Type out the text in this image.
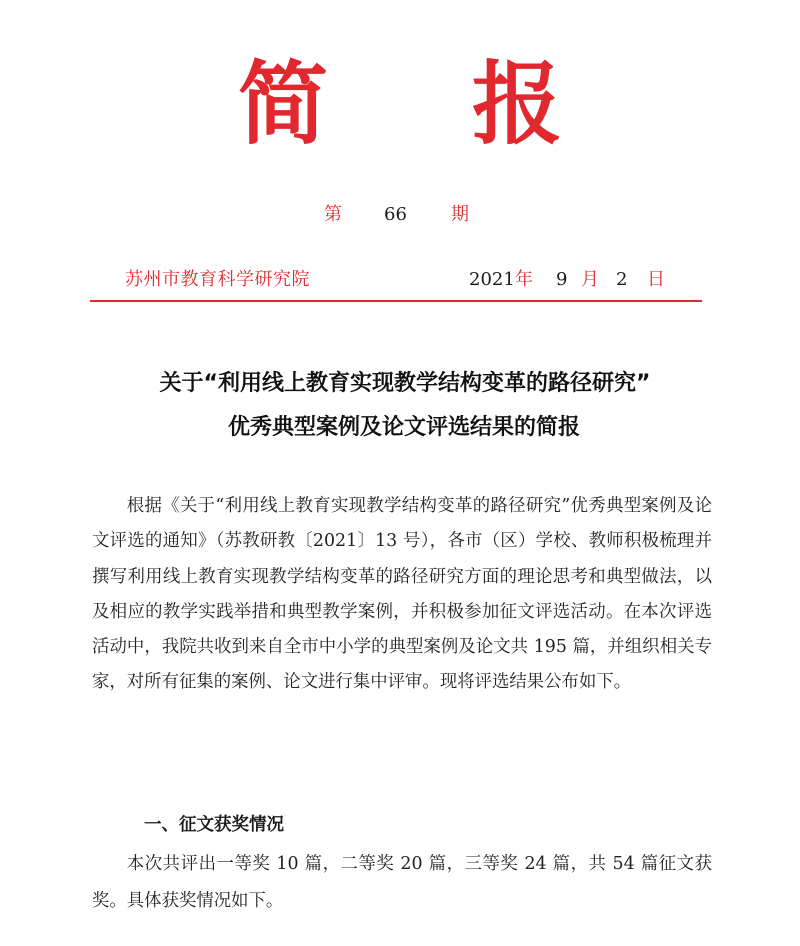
简 报
第 66 期
苏州市教育科学研究院	2021 年 9 月 2 日
关于“利用线上教育实现教学结构变革的路径研究”
优秀典型案例及论文评选结果的简报

根据《关于“利用线上教育实现教学结构变革的路径研究”优秀典型案例及论文评选的通知》（苏教研教〔2021〕13 号），各市（区）学校、教师积极梳理并撰写利用线上教育实现教学结构变革的路径研究方面的理论思考和典型做法，以及相应的教学实践举措和典型教学案例，并积极参加征文评选活动。在本次评选活动中，我院共收到来自全市中小学的典型案例及论文共 195 篇，并组织相关专家，对所有征集的案例、论文进行集中评审。现将评选结果公布如下。

一、征文获奖情况

本次共评出一等奖 10 篇，二等奖 20 篇，三等奖 24 篇，共 54 篇征文获奖。具体获奖情况如下。
